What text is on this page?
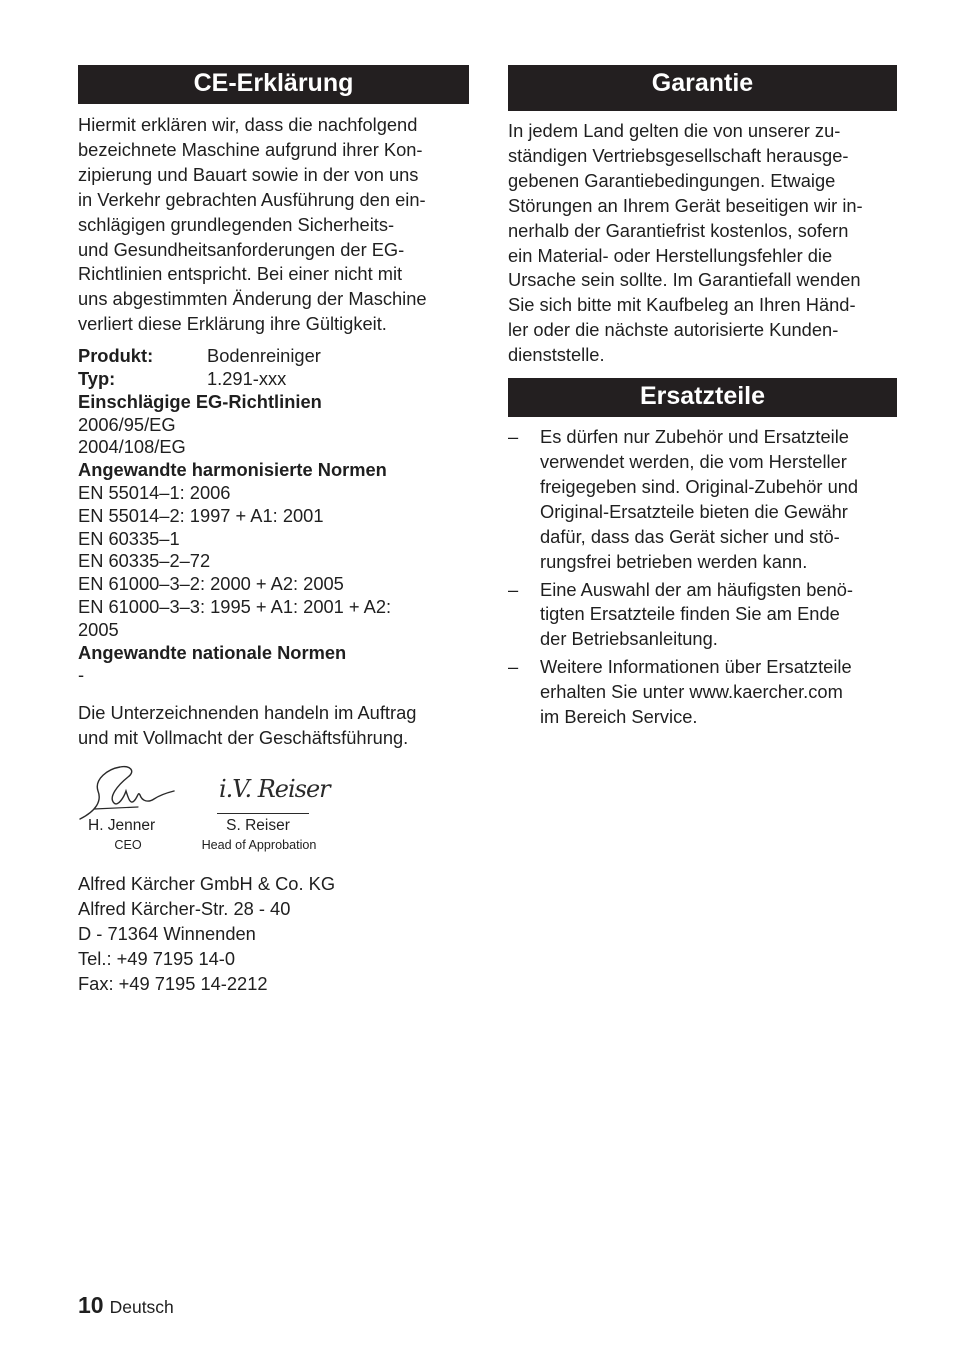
CE-Erklärung
Hiermit erklären wir, dass die nachfolgend
bezeichnete Maschine aufgrund ihrer Kon-
zipierung und Bauart sowie in der von uns
in Verkehr gebrachten Ausführung den ein-
schlägigen grundlegenden Sicherheits-
und Gesundheitsanforderungen der EG-
Richtlinien entspricht. Bei einer nicht mit
uns abgestimmten Änderung der Maschine
verliert diese Erklärung ihre Gültigkeit.
Produkt:	Bodenreiniger
Typ:	1.291-xxx
Einschlägige EG-Richtlinien
2006/95/EG
2004/108/EG
Angewandte harmonisierte Normen
EN 55014–1: 2006
EN 55014–2: 1997 + A1: 2001
EN 60335–1
EN 60335–2–72
EN 61000–3–2: 2000 + A2: 2005
EN 61000–3–3: 1995 + A1: 2001 + A2:
2005
Angewandte nationale Normen
-
Die Unterzeichnenden handeln im Auftrag
und mit Vollmacht der Geschäftsführung.
H. Jenner
CEO
i.V. Reiser
S. Reiser
Head of Approbation
Alfred Kärcher GmbH & Co. KG
Alfred Kärcher-Str. 28 - 40
D - 71364 Winnenden
Tel.: +49 7195 14-0
Fax: +49 7195 14-2212
Garantie
In jedem Land gelten die von unserer zu-
ständigen Vertriebsgesellschaft herausge-
gebenen Garantiebedingungen. Etwaige
Störungen an Ihrem Gerät beseitigen wir in-
nerhalb der Garantiefrist kostenlos, sofern
ein Material- oder Herstellungsfehler die
Ursache sein sollte. Im Garantiefall wenden
Sie sich bitte mit Kaufbeleg an Ihren Händ-
ler oder die nächste autorisierte Kunden-
dienststelle.
Ersatzteile
– Es dürfen nur Zubehör und Ersatzteile
verwendet werden, die vom Hersteller
freigegeben sind. Original-Zubehör und
Original-Ersatzteile bieten die Gewähr
dafür, dass das Gerät sicher und stö-
rungsfrei betrieben werden kann.
– Eine Auswahl der am häufigsten benö-
tigten Ersatzteile finden Sie am Ende
der Betriebsanleitung.
– Weitere Informationen über Ersatzteile
erhalten Sie unter www.kaercher.com
im Bereich Service.
10 Deutsch
